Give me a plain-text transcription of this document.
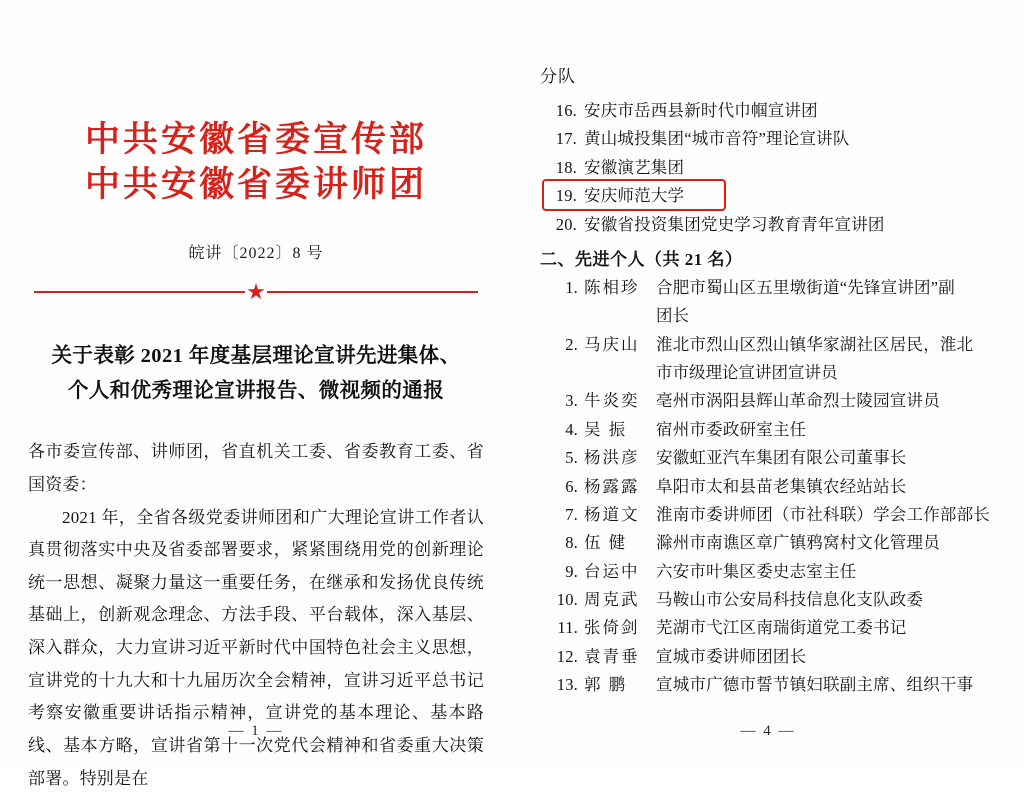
中共安徽省委宣传部
中共安徽省委讲师团
皖讲〔2022〕8 号
★
关于表彰 2021 年度基层理论宣讲先进集体、
个人和优秀理论宣讲报告、微视频的通报

各市委宣传部、讲师团，省直机关工委、省委教育工委、省国资委：

2021 年，全省各级党委讲师团和广大理论宣讲工作者认真贯彻落实中央及省委部署要求，紧紧围绕用党的创新理论统一思想、凝聚力量这一重要任务，在继承和发扬优良传统基础上，创新观念理念、方法手段、平台载体，深入基层、深入群众，大力宣讲习近平新时代中国特色社会主义思想，宣讲党的十九大和十九届历次全会精神，宣讲习近平总书记考察安徽重要讲话指示精神，宣讲党的基本理论、基本路线、基本方略，宣讲省第十一次党代会精神和省委重大决策部署。特别是在

— 1 —
分队
16. 安庆市岳西县新时代巾帼宣讲团
17. 黄山城投集团“城市音符”理论宣讲队
18. 安徽演艺集团
19. 安庆师范大学
20. 安徽省投资集团党史学习教育青年宣讲团
二、先进个人（共 21 名）
1. 陈相珍	合肥市蜀山区五里墩街道“先锋宣讲团”副
团长
2. 马庆山	淮北市烈山区烈山镇华家湖社区居民，淮北
市市级理论宣讲团宣讲员
3. 牛炎奕	亳州市涡阳县辉山革命烈士陵园宣讲员
4. 吴 振	宿州市委政研室主任
5. 杨洪彦	安徽虹亚汽车集团有限公司董事长
6. 杨露露	阜阳市太和县苗老集镇农经站站长
7. 杨道文	淮南市委讲师团（市社科联）学会工作部部长
8. 伍 健	滁州市南谯区章广镇鸦窝村文化管理员
9. 台运中	六安市叶集区委史志室主任
10. 周克武	马鞍山市公安局科技信息化支队政委
11. 张倚剑	芜湖市弋江区南瑞街道党工委书记
12. 袁青垂	宣城市委讲师团团长
13. 郭 鹏	宣城市广德市誓节镇妇联副主席、组织干事
— 4 —
